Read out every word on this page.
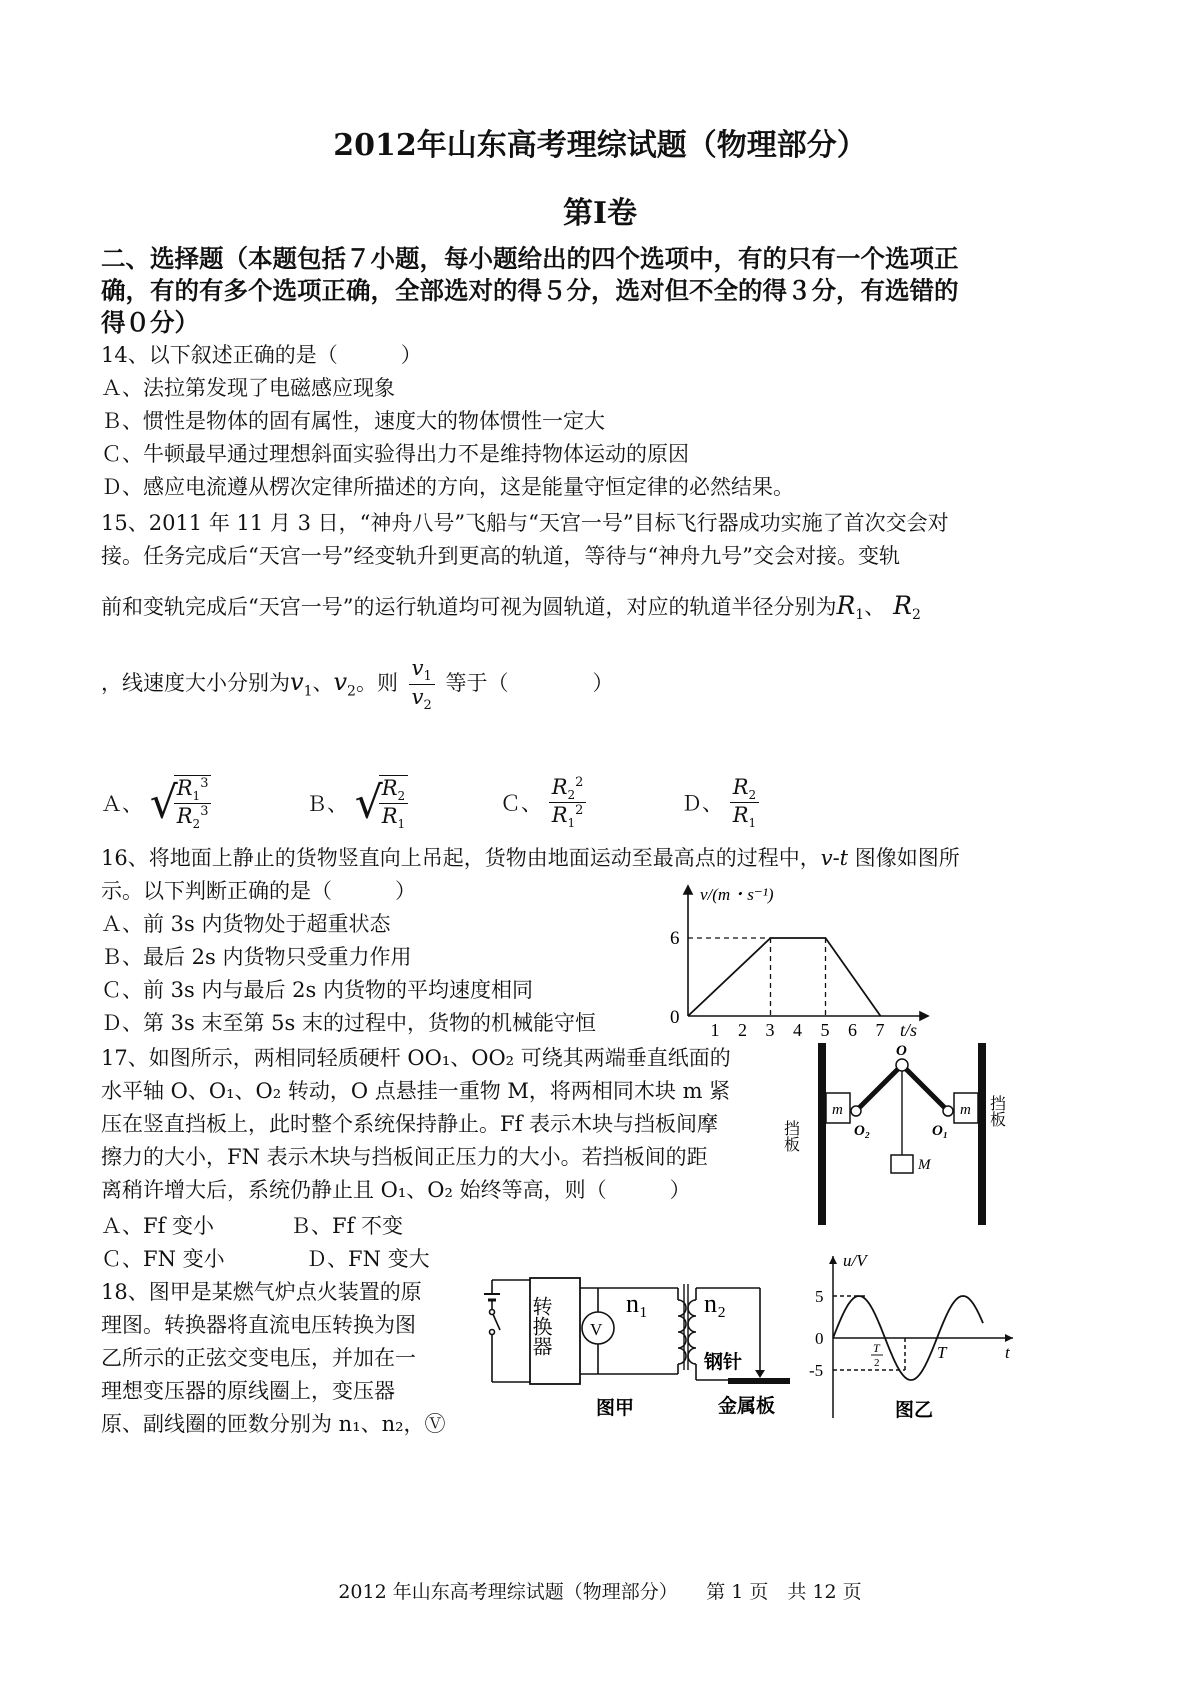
2012年山东高考理综试题（物理部分）
第Ⅰ卷
二、选择题（本题包括７小题，每小题给出的四个选项中，有的只有一个选项正
确，有的有多个选项正确，全部选对的得５分，选对但不全的得３分，有选错的
得０分）
14、以下叙述正确的是（　　　）
Ａ、法拉第发现了电磁感应现象
Ｂ、惯性是物体的固有属性，速度大的物体惯性一定大
Ｃ、牛顿最早通过理想斜面实验得出力不是维持物体运动的原因
Ｄ、感应电流遵从楞次定律所描述的方向，这是能量守恒定律的必然结果。
15、2011 年 11 月 3 日，“神舟八号”飞船与“天宫一号”目标飞行器成功实施了首次交会对
接。任务完成后“天宫一号”经变轨升到更高的轨道，等待与“神舟九号”交会对接。变轨
前和变轨完成后“天宫一号”的运行轨道均可视为圆轨道，对应的轨道半径分别为$R_1$、 $R_2$
，线速度大小分别为$v_1$、$v_2$。则 $\frac{v_1}{v_2}$ 等于（　　　　）
Ａ、 √
$\frac{R_1^3}{R_2^3}$	Ｂ、 √
$\frac{R_2}{R_1}$	Ｃ、 $\frac{R_2^2}{R_1^2}$	Ｄ、 $\frac{R_2}{R_1}$
16、将地面上静止的货物竖直向上吊起，货物由地面运动至最高点的过程中，v-t 图像如图所
示。以下判断正确的是（　　　）
Ａ、前 3s 内货物处于超重状态
Ｂ、最后 2s 内货物只受重力作用
Ｃ、前 3s 内与最后 2s 内货物的平均速度相同
Ｄ、第 3s 末至第 5s 末的过程中，货物的机械能守恒
v/(m・s⁻¹)
t/s
6
0
1 2 3 4 5 6 7
17、如图所示，两相同轻质硬杆 OO₁、OO₂ 可绕其两端垂直纸面的
水平轴 O、O₁、O₂ 转动，O 点悬挂一重物 M，将两相同木块 m 紧
压在竖直挡板上，此时整个系统保持静止。Ff 表示木块与挡板间摩
擦力的大小，FN 表示木块与挡板间正压力的大小。若挡板间的距
离稍许增大后，系统仍静止且 O₁、O₂ 始终等高，则（　　　）
Ａ、Ff 变小	Ｂ、Ff 不变
Ｃ、FN 变小	Ｄ、FN 变大
挡板
挡板
m	m
M
O
O₂	O₁
18、图甲是某燃气炉点火装置的原
理图。转换器将直流电压转换为图
乙所示的正弦交变电压，并加在一
理想变压器的原线圈上，变压器
原、副线圈的匝数分别为 n₁、n₂，Ⓥ
转换器 V
n₁ n₂
钢针
金属板
图甲
u/V
t
5
0
-5
T
2
T
图乙
2012 年山东高考理综试题（物理部分）　　第 1 页　共 12 页
